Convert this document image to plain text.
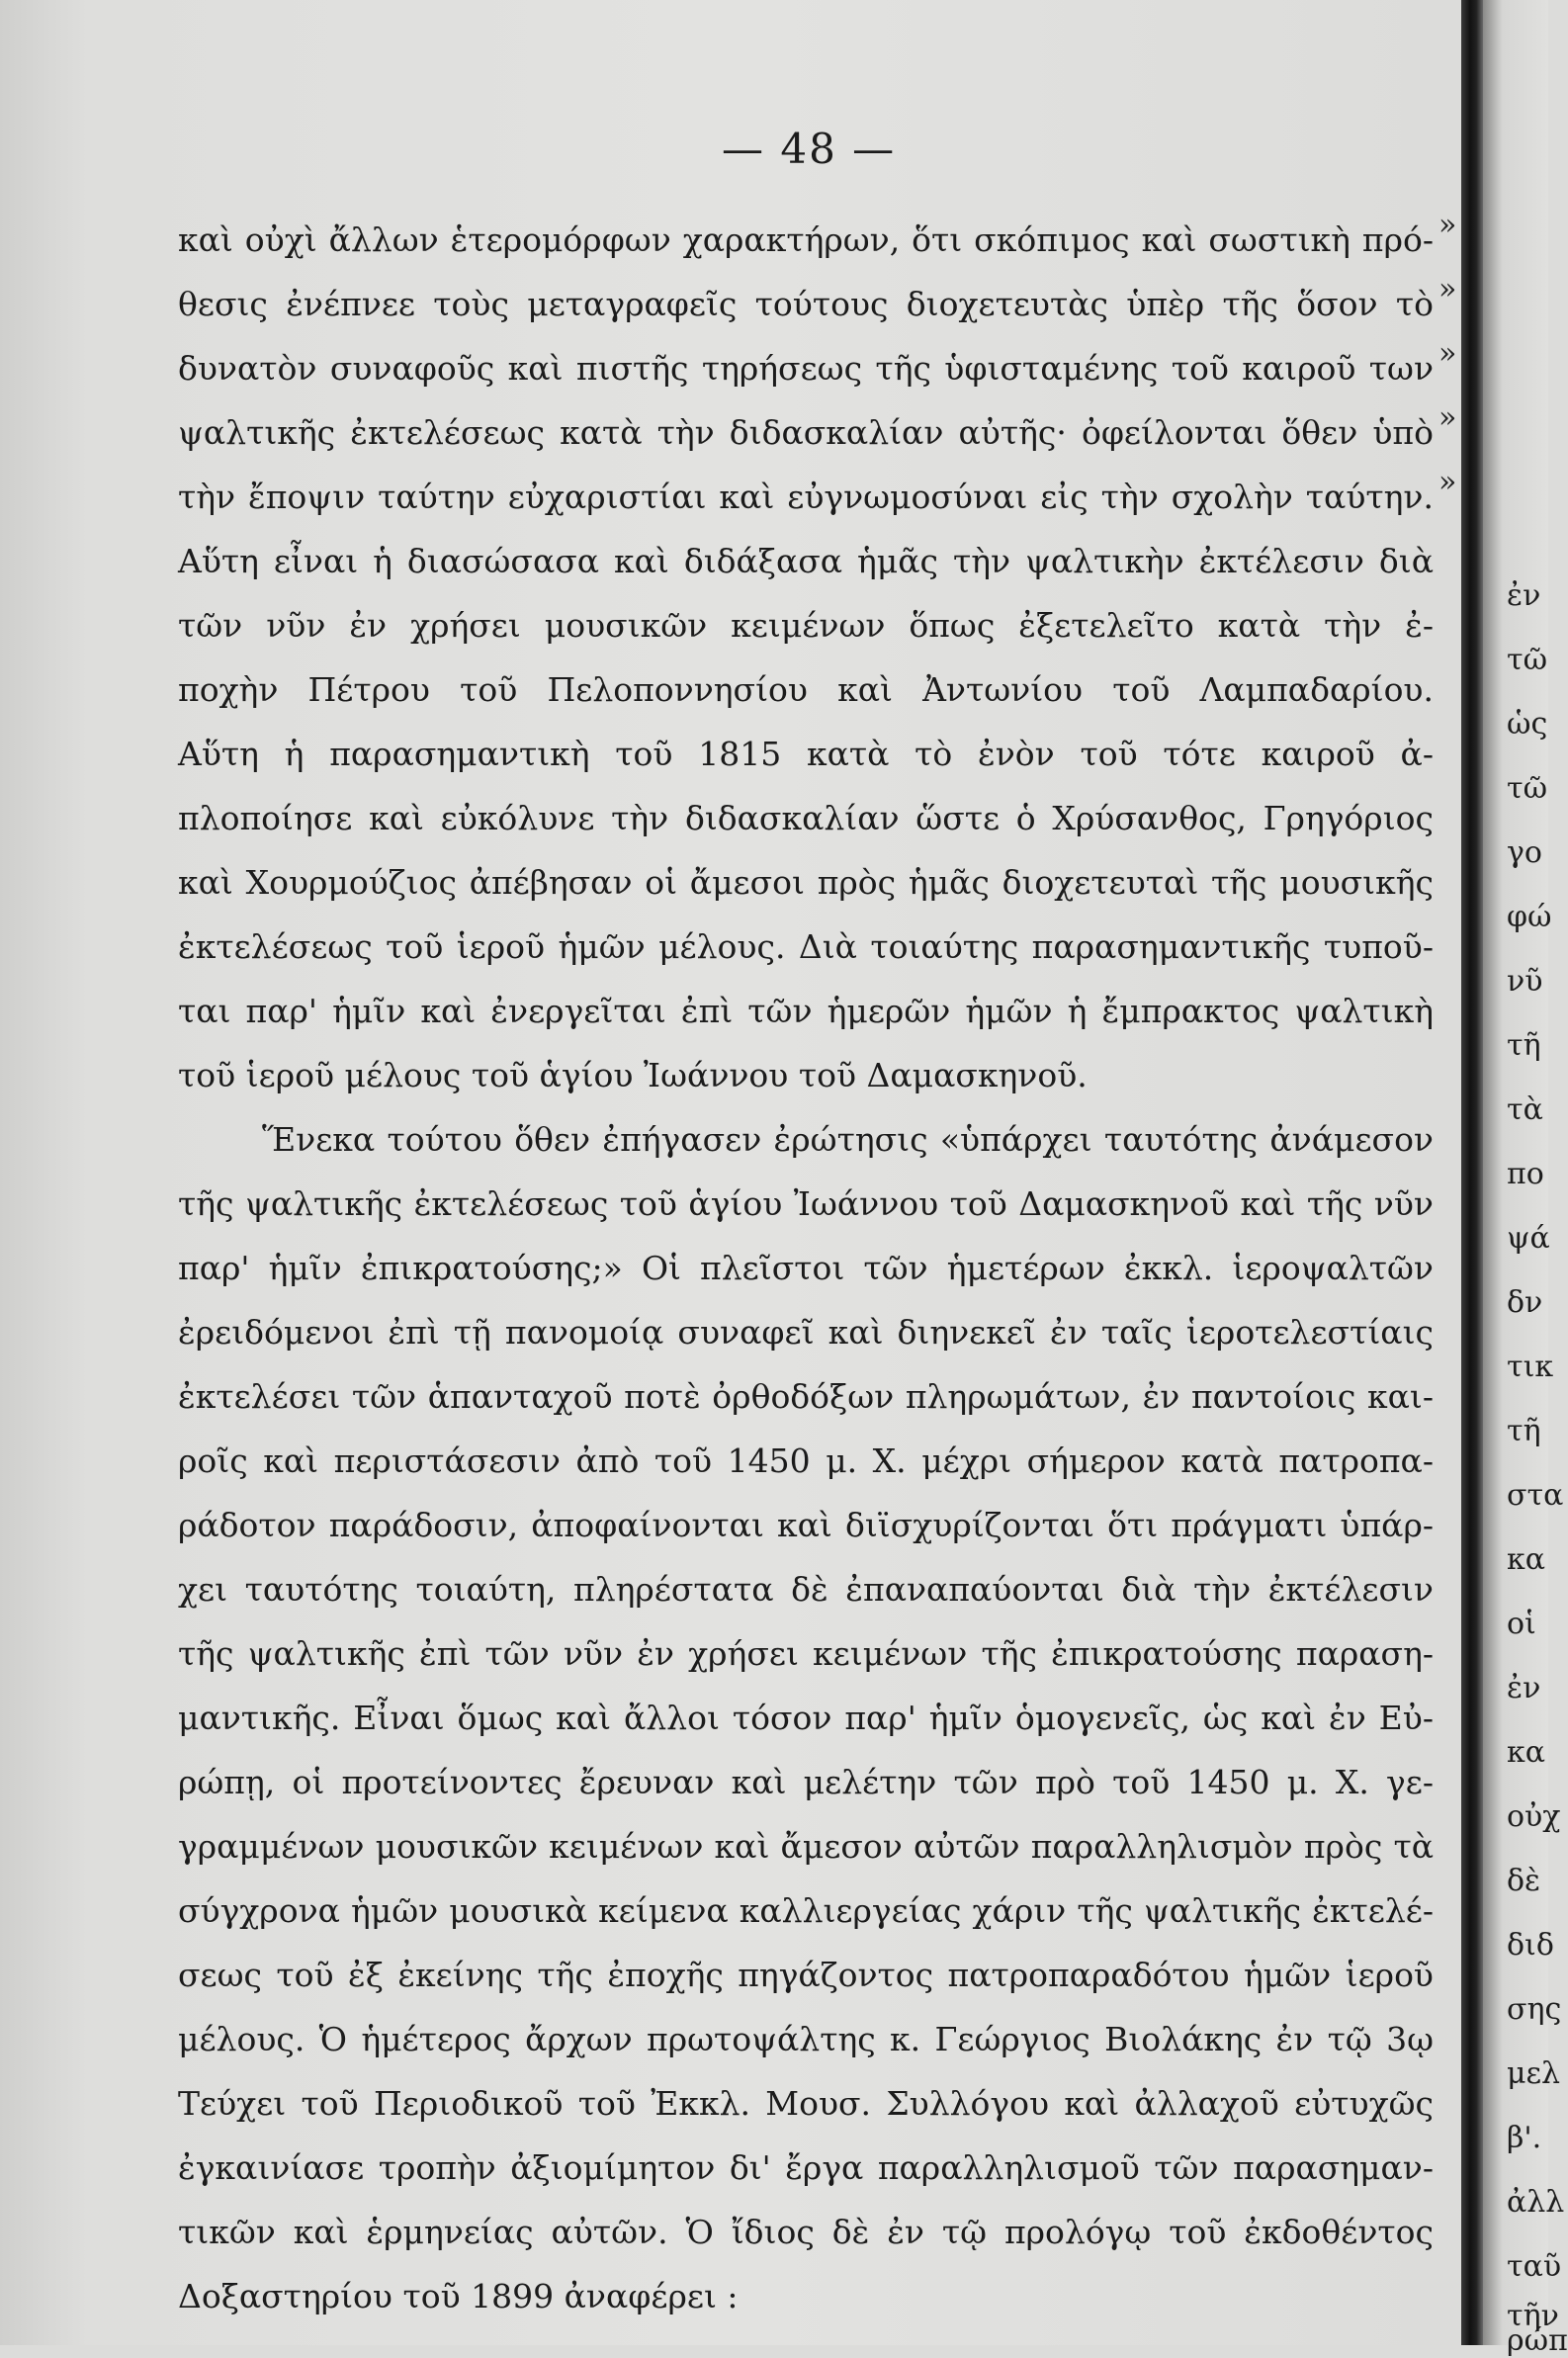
— 48 —
καὶ οὐχὶ ἄλλων ἑτερομόρφων χαρακτήρων, ὅτι σκόπιμος καὶ σωστικὴ πρό-
θεσις ἐνέπνεε τοὺς μεταγραφεῖς τούτους διοχετευτὰς ὑπὲρ τῆς ὅσον τὸ
δυνατὸν συναφοῦς καὶ πιστῆς τηρήσεως τῆς ὑφισταμένης τοῦ καιροῦ των
ψαλτικῆς ἐκτελέσεως κατὰ τὴν διδασκαλίαν αὐτῆς· ὀφείλονται ὅθεν ὑπὸ
τὴν ἔποψιν ταύτην εὐχαριστίαι καὶ εὐγνωμοσύναι εἰς τὴν σχολὴν ταύτην.
Αὕτη εἶναι ἡ διασώσασα καὶ διδάξασα ἡμᾶς τὴν ψαλτικὴν ἐκτέλεσιν διὰ
τῶν νῦν ἐν χρήσει μουσικῶν κειμένων ὅπως ἐξετελεῖτο κατὰ τὴν ἐ-
ποχὴν Πέτρου τοῦ Πελοποννησίου καὶ Ἀντωνίου τοῦ Λαμπαδαρίου.
Αὕτη ἡ παρασημαντικὴ τοῦ 1815 κατὰ τὸ ἐνὸν τοῦ τότε καιροῦ ἀ-
πλοποίησε καὶ εὐκόλυνε τὴν διδασκαλίαν ὥστε ὁ Χρύσανθος, Γρηγόριος
καὶ Χουρμούζιος ἀπέβησαν οἱ ἄμεσοι πρὸς ἡμᾶς διοχετευταὶ τῆς μουσικῆς
ἐκτελέσεως τοῦ ἱεροῦ ἡμῶν μέλους. Διὰ τοιαύτης παρασημαντικῆς τυποῦ-
ται παρ' ἡμῖν καὶ ἐνεργεῖται ἐπὶ τῶν ἡμερῶν ἡμῶν ἡ ἔμπρακτος ψαλτικὴ
τοῦ ἱεροῦ μέλους τοῦ ἁγίου Ἰωάννου τοῦ Δαμασκηνοῦ.
Ἕνεκα τούτου ὅθεν ἐπήγασεν ἐρώτησις «ὑπάρχει ταυτότης ἀνάμεσον
τῆς ψαλτικῆς ἐκτελέσεως τοῦ ἁγίου Ἰωάννου τοῦ Δαμασκηνοῦ καὶ τῆς νῦν
παρ' ἡμῖν ἐπικρατούσης;» Οἱ πλεῖστοι τῶν ἡμετέρων ἐκκλ. ἱεροψαλτῶν
ἐρειδόμενοι ἐπὶ τῇ πανομοίᾳ συναφεῖ καὶ διηνεκεῖ ἐν ταῖς ἱεροτελεστίαις
ἐκτελέσει τῶν ἁπανταχοῦ ποτὲ ὀρθοδόξων πληρωμάτων, ἐν παντοίοις και-
ροῖς καὶ περιστάσεσιν ἀπὸ τοῦ 1450 μ. Χ. μέχρι σήμερον κατὰ πατροπα-
ράδοτον παράδοσιν, ἀποφαίνονται καὶ διϊσχυρίζονται ὅτι πράγματι ὑπάρ-
χει ταυτότης τοιαύτη, πληρέστατα δὲ ἐπαναπαύονται διὰ τὴν ἐκτέλεσιν
τῆς ψαλτικῆς ἐπὶ τῶν νῦν ἐν χρήσει κειμένων τῆς ἐπικρατούσης παραση-
μαντικῆς. Εἶναι ὅμως καὶ ἄλλοι τόσον παρ' ἡμῖν ὁμογενεῖς, ὡς καὶ ἐν Εὐ-
ρώπῃ, οἱ προτείνοντες ἔρευναν καὶ μελέτην τῶν πρὸ τοῦ 1450 μ. Χ. γε-
γραμμένων μουσικῶν κειμένων καὶ ἄμεσον αὐτῶν παραλληλισμὸν πρὸς τὰ
σύγχρονα ἡμῶν μουσικὰ κείμενα καλλιεργείας χάριν τῆς ψαλτικῆς ἐκτελέ-
σεως τοῦ ἐξ ἐκείνης τῆς ἐποχῆς πηγάζοντος πατροπαραδότου ἡμῶν ἱεροῦ
μέλους. Ὁ ἡμέτερος ἄρχων πρωτοψάλτης κ. Γεώργιος Βιολάκης ἐν τῷ 3ῳ
Τεύχει τοῦ Περιοδικοῦ τοῦ Ἐκκλ. Μουσ. Συλλόγου καὶ ἀλλαχοῦ εὐτυχῶς
ἐγκαινίασε τροπὴν ἀξιομίμητον δι' ἔργα παραλληλισμοῦ τῶν παρασημαν-
τικῶν καὶ ἑρμηνείας αὐτῶν. Ὁ ἴδιος δὲ ἐν τῷ προλόγῳ τοῦ ἐκδοθέντος
Δοξαστηρίου τοῦ 1899 ἀναφέρει :
»
»
»
»
»
ἐν
τῶ
ὡς
τῶ
γο
φώ
νῦ
τῆ
τὰ
πο
ψά
δν
τικ
τῆ
στα
κα
οἱ
ἐν
κα
οὐχ
δὲ
διδ
σης
μελ
β'.
ἀλλ
ταῦ
τῆν
ρώπ
